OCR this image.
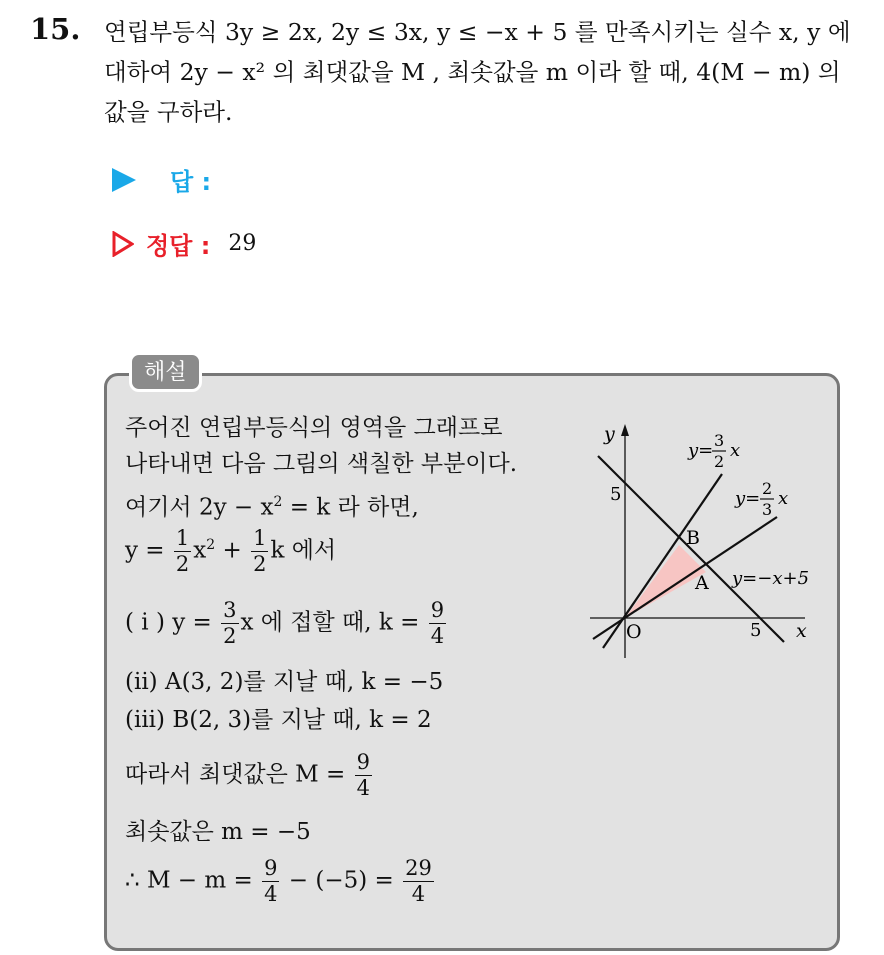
15. 연립부등식 3y ≥ 2x, 2y ≤ 3x, y ≤ −x + 5 를 만족시키는 실수 x, y 에
대하여 2y − x² 의 최댓값을 M , 최솟값을 m 이라 할 때, 4(M − m) 의
값을 구하라.
답 :
정답 : 29
해설
주어진 연립부등식의 영역을 그래프로
나타내면 다음 그림의 색칠한 부분이다.
여기서 $2y - x^2 = k$ 라 하면,
$y = \frac{1}{2} x^2 + \frac{1}{2}$ k 에서
( i ) $y = \frac{3}{2}$ x 에 접할 때, $k = \frac{9}{4}$
(ii) A(3, 2)를 지날 때, k = −5
(iii) B(2, 3)를 지날 때, k = 2
따라서 최댓값은 $M = \frac{9}{4}$
최솟값은 m = −5
∴ $M - m = \frac{9}{4} - (-5) = \frac{29}{4}$
y
x
O
5
5
B
A
y= 3
2
x
y= 2
3
x
y=−x+5
